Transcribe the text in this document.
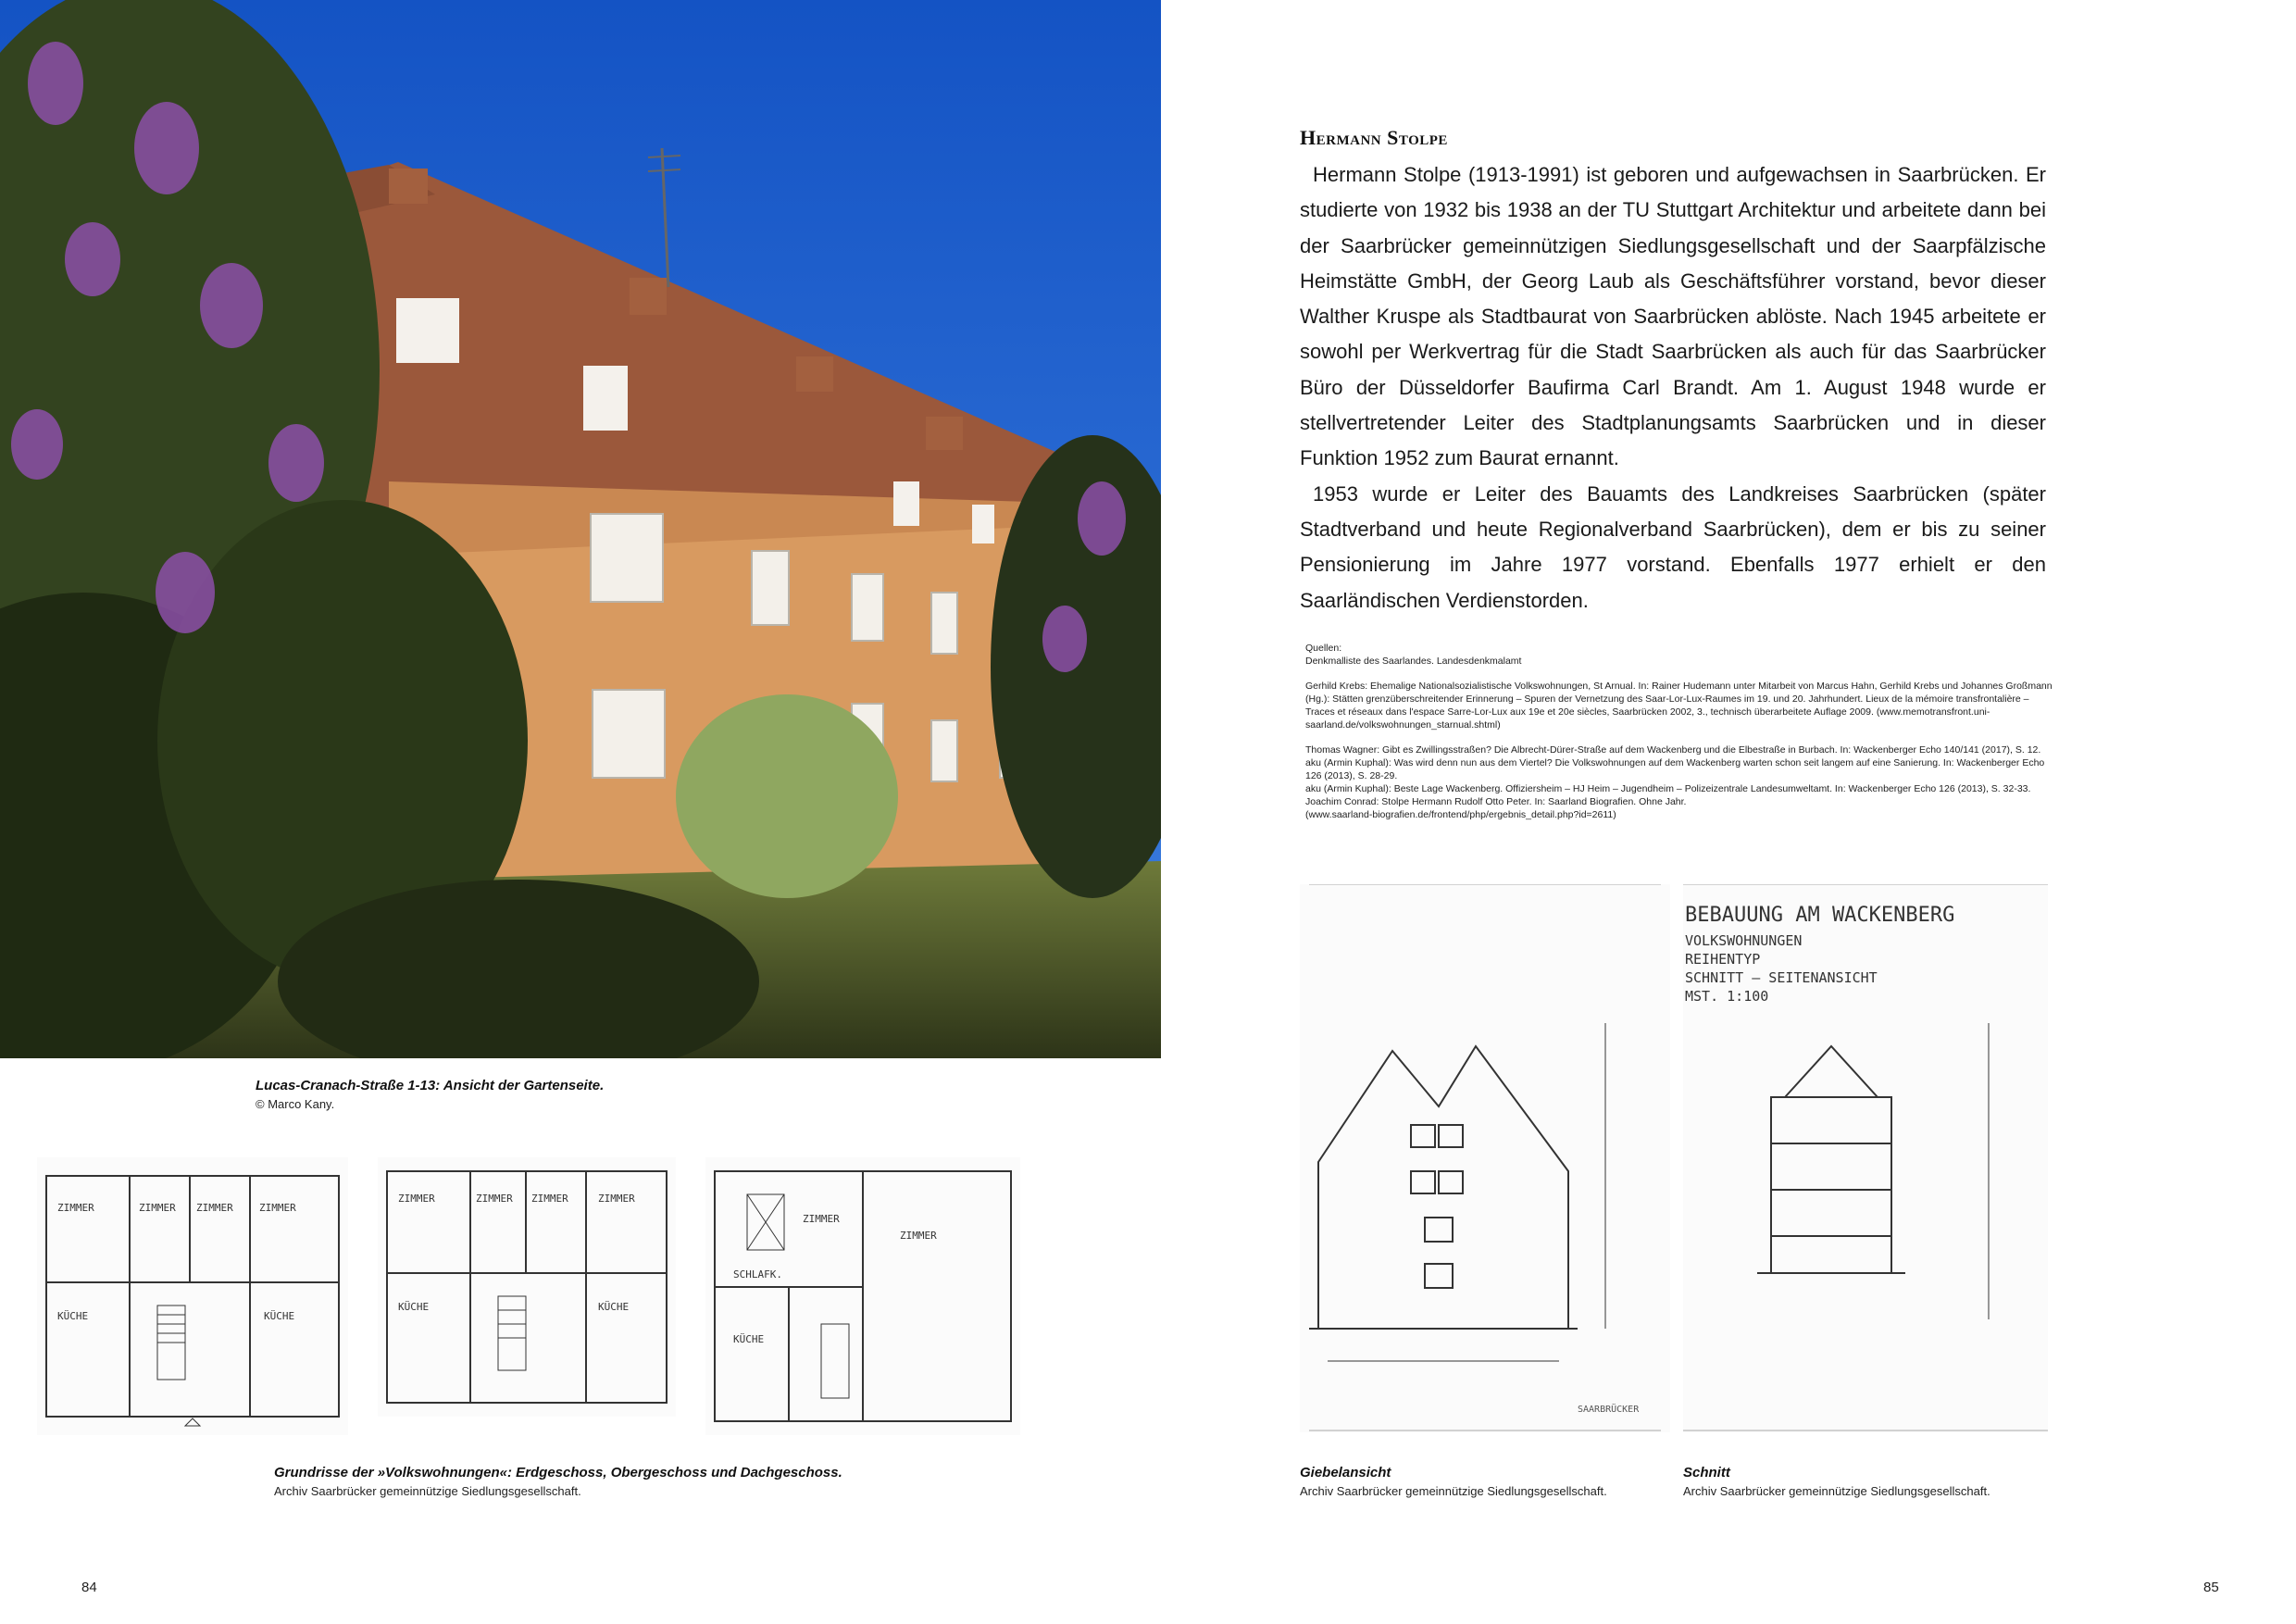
Lucas-Cranach-Straße 1-13: Ansicht der Gartenseite.
© Marco Kany.
ZIMMER	ZIMMER ZIMMER	ZIMMER
KÜCHE	KÜCHE
ZIMMER	ZIMMER ZIMMER	ZIMMER
KÜCHE	KÜCHE
ZIMMER
ZIMMER
SCHLAFK.
KÜCHE
Grundrisse der »Volkswohnungen«: Erdgeschoss, Obergeschoss und Dachgeschoss.
Archiv Saarbrücker gemeinnützige Siedlungsgesellschaft.
84
Hermann Stolpe

Hermann Stolpe (1913-1991) ist geboren und aufgewachsen in Saarbrücken. Er studierte von 1932 bis 1938 an der TU Stuttgart Architektur und arbeitete dann bei der Saarbrücker gemeinnützigen Siedlungsgesellschaft und der Saarpfälzische Heimstätte GmbH, der Georg Laub als Geschäftsführer vorstand, bevor dieser Walther Kruspe als Stadtbaurat von Saarbrücken ablöste. Nach 1945 arbeitete er sowohl per Werkvertrag für die Stadt Saarbrücken als auch für das Saarbrücker Büro der Düsseldorfer Baufirma Carl Brandt. Am 1. August 1948 wurde er stellvertretender Leiter des Stadtplanungsamts Saarbrücken und in dieser Funktion 1952 zum Baurat ernannt.

1953 wurde er Leiter des Bauamts des Landkreises Saarbrücken (später Stadtverband und heute Regionalverband Saarbrücken), dem er bis zu seiner Pensionierung im Jahre 1977 vorstand. Ebenfalls 1977 erhielt er den Saarländischen Verdienstorden.

Quellen:
Denkmalliste des Saarlandes. Landesdenkmalamt
Gerhild Krebs: Ehemalige Nationalsozialistische Volkswohnungen, St Arnual. In: Rainer Hudemann unter Mitarbeit von Marcus Hahn, Gerhild Krebs und Johannes Großmann (Hg.): Stätten grenzüberschreitender Erinnerung – Spuren der Vernetzung des Saar-Lor-Lux-Raumes im 19. und 20. Jahrhundert. Lieux de la mémoire transfrontalière – Traces et réseaux dans l'espace Sarre-Lor-Lux aux 19e et 20e siècles, Saarbrücken 2002, 3., technisch überarbeitete Auflage 2009. (www.memotransfront.uni-saarland.de/volkswohnungen_starnual.shtml)
Thomas Wagner: Gibt es Zwillingsstraßen? Die Albrecht-Dürer-Straße auf dem Wackenberg und die Elbestraße in Burbach. In: Wackenberger Echo 140/141 (2017), S. 12.
aku (Armin Kuphal): Was wird denn nun aus dem Viertel? Die Volkswohnungen auf dem Wackenberg warten schon seit langem auf eine Sanierung. In: Wackenberger Echo 126 (2013), S. 28-29.
aku (Armin Kuphal): Beste Lage Wackenberg. Offiziersheim – HJ Heim – Jugendheim – Polizeizentrale Landesumweltamt. In: Wackenberger Echo 126 (2013), S. 32-33.
Joachim Conrad: Stolpe Hermann Rudolf Otto Peter. In: Saarland Biografien. Ohne Jahr.
(www.saarland-biografien.de/frontend/php/ergebnis_detail.php?id=2611)
SAARBRÜCKER
BEBAUUNG AM WACKENBERG
VOLKSWOHNUNGEN
REIHENTYP
SCHNITT – SEITENANSICHT
MST. 1:100
Giebelansicht
Archiv Saarbrücker gemeinnützige Siedlungsgesellschaft.
Schnitt
Archiv Saarbrücker gemeinnützige Siedlungsgesellschaft.
85
